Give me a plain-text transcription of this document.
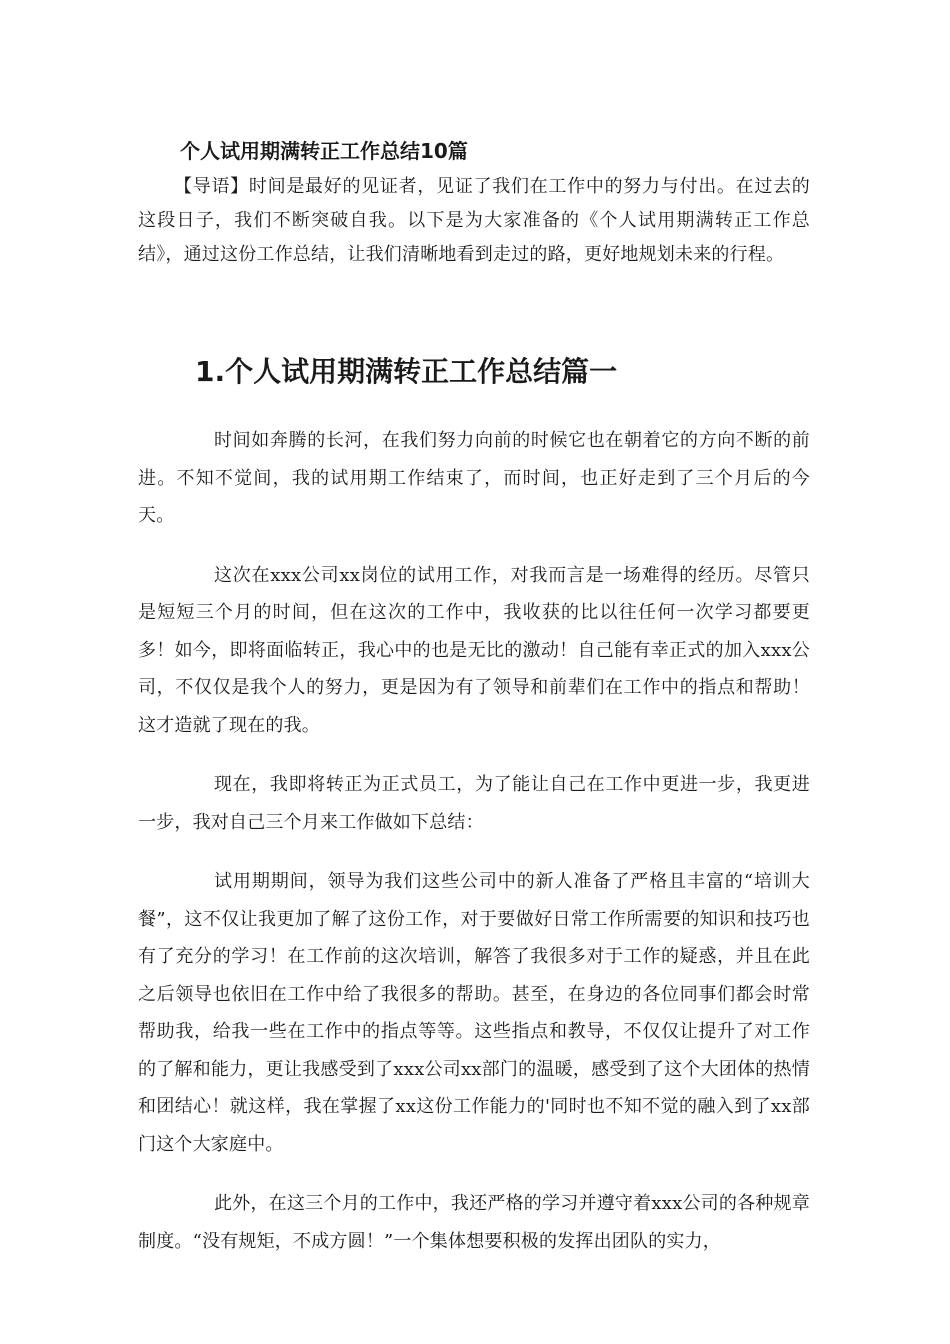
个人试用期满转正工作总结10篇

【导语】时间是最好的见证者，见证了我们在工作中的努力与付出。在过去的这段日子，我们不断突破自我。以下是为大家准备的《个人试用期满转正工作总结》，通过这份工作总结，让我们清晰地看到走过的路，更好地规划未来的行程。

1.个人试用期满转正工作总结篇一

时间如奔腾的长河，在我们努力向前的时候它也在朝着它的方向不断的前进。不知不觉间，我的试用期工作结束了，而时间，也正好走到了三个月后的今天。

这次在xxx公司xx岗位的试用工作，对我而言是一场难得的经历。尽管只是短短三个月的时间，但在这次的工作中，我收获的比以往任何一次学习都要更多！如今，即将面临转正，我心中的也是无比的激动！自己能有幸正式的加入xxx公司，不仅仅是我个人的努力，更是因为有了领导和前辈们在工作中的指点和帮助！这才造就了现在的我。

现在，我即将转正为正式员工，为了能让自己在工作中更进一步，我更进一步，我对自己三个月来工作做如下总结：

试用期期间，领导为我们这些公司中的新人准备了严格且丰富的“培训大餐”，这不仅让我更加了解了这份工作，对于要做好日常工作所需要的知识和技巧也有了充分的学习！在工作前的这次培训，解答了我很多对于工作的疑惑，并且在此之后领导也依旧在工作中给了我很多的帮助。甚至，在身边的各位同事们都会时常帮助我，给我一些在工作中的指点等等。这些指点和教导，不仅仅让提升了对工作的了解和能力，更让我感受到了xxx公司xx部门的温暖，感受到了这个大团体的热情和团结心！就这样，我在掌握了xx这份工作能力的'同时也不知不觉的融入到了xx部门这个大家庭中。

此外，在这三个月的工作中，我还严格的学习并遵守着xxx公司的各种规章制度。“没有规矩，不成方圆！”一个集体想要积极的发挥出团队的实力，
